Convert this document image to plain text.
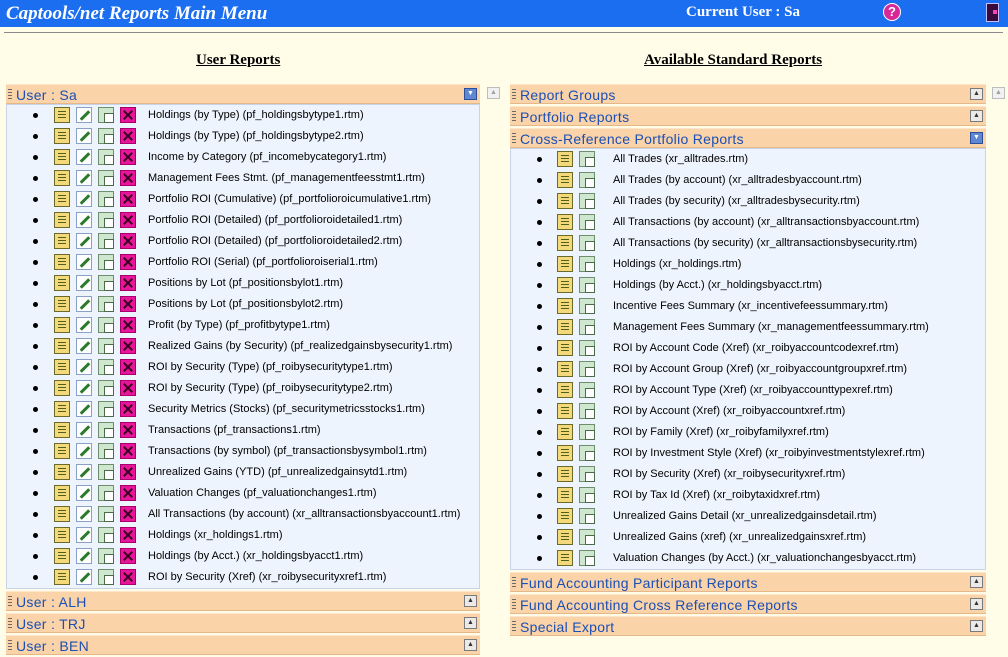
Captools/net Reports Main Menu	Current User : Sa	?
User Reports	Available Standard Reports
User : Sa	▼
Holdings (by Type) (pf_holdingsbytype1.rtm)
Holdings (by Type) (pf_holdingsbytype2.rtm)
Income by Category (pf_incomebycategory1.rtm)
Management Fees Stmt. (pf_managementfeesstmt1.rtm)
Portfolio ROI (Cumulative) (pf_portfolioroicumulative1.rtm)
Portfolio ROI (Detailed) (pf_portfolioroidetailed1.rtm)
Portfolio ROI (Detailed) (pf_portfolioroidetailed2.rtm)
Portfolio ROI (Serial) (pf_portfolioroiserial1.rtm)
Positions by Lot (pf_positionsbylot1.rtm)
Positions by Lot (pf_positionsbylot2.rtm)
Profit (by Type) (pf_profitbytype1.rtm)
Realized Gains (by Security) (pf_realizedgainsbysecurity1.rtm)
ROI by Security (Type) (pf_roibysecuritytype1.rtm)
ROI by Security (Type) (pf_roibysecuritytype2.rtm)
Security Metrics (Stocks) (pf_securitymetricsstocks1.rtm)
Transactions (pf_transactions1.rtm)
Transactions (by symbol) (pf_transactionsbysymbol1.rtm)
Unrealized Gains (YTD) (pf_unrealizedgainsytd1.rtm)
Valuation Changes (pf_valuationchanges1.rtm)
All Transactions (by account) (xr_alltransactionsbyaccount1.rtm)
Holdings (xr_holdings1.rtm)
Holdings (by Acct.) (xr_holdingsbyacct1.rtm)
ROI by Security (Xref) (xr_roibysecurityxref1.rtm)
User : ALH	▲
User : TRJ	▲
User : BEN	▲
▲ Report Groups	▲
Portfolio Reports	▲
Cross-Reference Portfolio Reports	▼
All Trades (xr_alltrades.rtm)
All Trades (by account) (xr_alltradesbyaccount.rtm)
All Trades (by security) (xr_alltradesbysecurity.rtm)
All Transactions (by account) (xr_alltransactionsbyaccount.rtm)
All Transactions (by security) (xr_alltransactionsbysecurity.rtm)
Holdings (xr_holdings.rtm)
Holdings (by Acct.) (xr_holdingsbyacct.rtm)
Incentive Fees Summary (xr_incentivefeessummary.rtm)
Management Fees Summary (xr_managementfeessummary.rtm)
ROI by Account Code (Xref) (xr_roibyaccountcodexref.rtm)
ROI by Account Group (Xref) (xr_roibyaccountgroupxref.rtm)
ROI by Account Type (Xref) (xr_roibyaccounttypexref.rtm)
ROI by Account (Xref) (xr_roibyaccountxref.rtm)
ROI by Family (Xref) (xr_roibyfamilyxref.rtm)
ROI by Investment Style (Xref) (xr_roibyinvestmentstylexref.rtm)
ROI by Security (Xref) (xr_roibysecurityxref.rtm)
ROI by Tax Id (Xref) (xr_roibytaxidxref.rtm)
Unrealized Gains Detail (xr_unrealizedgainsdetail.rtm)
Unrealized Gains (xref) (xr_unrealizedgainsxref.rtm)
Valuation Changes (by Acct.) (xr_valuationchangesbyacct.rtm)
Fund Accounting Participant Reports	▲
Fund Accounting Cross Reference Reports	▲
Special Export	▲
▲
